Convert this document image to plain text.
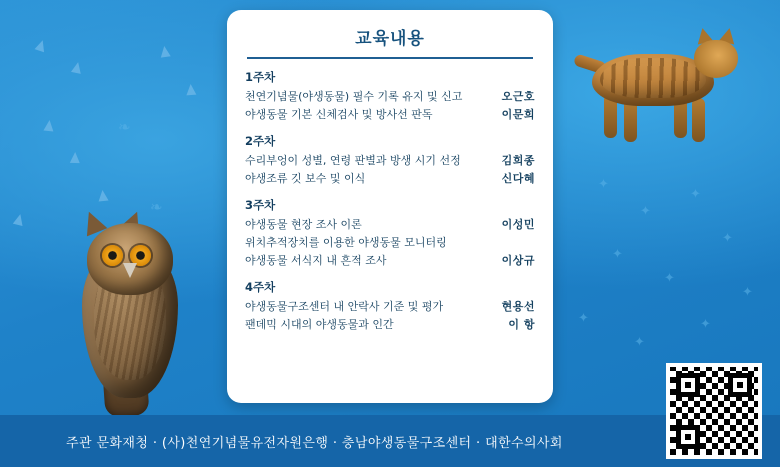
❧
❧
✦
✦
✦
✦
✦
✦
✦
✦
✦
✦
교육내용
1주차
천연기념물(야생동물) 필수 기록 유지 및 신고	오근호
야생동물 기본 신체검사 및 방사선 판독	이문희
2주차
수리부엉이 성별, 연령 판별과 방생 시기 선정	김희종
야생조류 깃 보수 및 이식	신다혜
3주차
야생동물 현장 조사 이론	이성민
위치추적장치를 이용한 야생동물 모니터링
야생동물 서식지 내 흔적 조사	이상규
4주차
야생동물구조센터 내 안락사 기준 및 평가	현용선
팬데믹 시대의 야생동물과 인간	이 항
주관 문화재청 · (사)천연기념물유전자원은행 · 충남야생동물구조센터 · 대한수의사회
